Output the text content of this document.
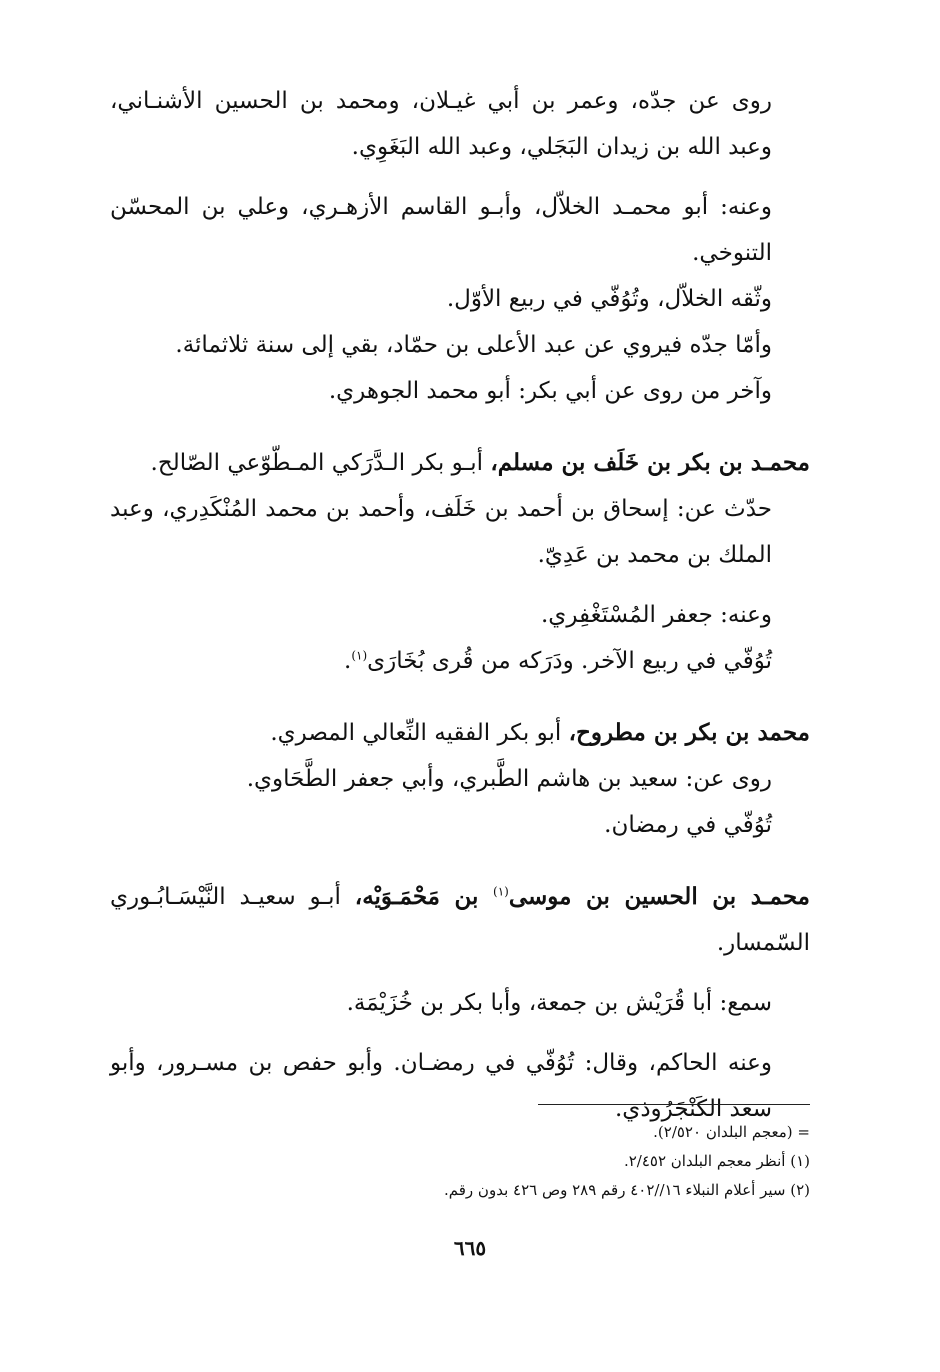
روى عن جدّه، وعمر بن أبي غيـلان، ومحمد بن الحسين الأشنـاني، وعبد الله بن زيدان البَجَلي، وعبد الله البَغَوِي.

وعنه: أبو محمـد الخلاّل، وأبـو القاسم الأزهـري، وعلي بن المحسّن التنوخي.

وثّقه الخلاّل، وتُوُفّي في ربيع الأوّل.

وأمّا جدّه فيروي عن عبد الأعلى بن حمّاد، بقي إلى سنة ثلاثمائة.

وآخر من روى عن أبي بكر: أبو محمد الجوهري.

محمـد بن بكر بن خَلَف بن مسلم، أبـو بكر الـدَّرَكي المـطّوّعي الصّالح.

حدّث عن: إسحاق بن أحمد بن خَلَف، وأحمد بن محمد المُنْكَدِري، وعبد الملك بن محمد بن عَدِيّ.

وعنه: جعفر المُسْتَغْفِري.

تُوُفّي في ربيع الآخر. ودَرَكه من قُرى بُخَارَى$^{(١)}$.

محمد بن بكر بن مطروح، أبو بكر الفقيه النِّعالي المصري.

روى عن: سعيد بن هاشم الطَّبري، وأبي جعفر الطَّحَاوي.

تُوُفّي في رمضان.

محمـد بن الحسين بن موسى$^{(١)}$ بن مَحْمَـوَيْه، أبـو سعيـد النَّيْسَـابُـوري السّمسار.

سمع: أبا قُرَيْش بن جمعة، وأبا بكر بن خُزَيْمَة.

وعنه الحاكم، وقال: تُوُفّي في رمضـان. وأبو حفص بن مسـرور، وأبو سعد الكَنْجَرُوذي.

= (معجم البلدان ٢/٥٢٠).

(١) أنظر معجم البلدان ٢/٤٥٢.

(٢) سير أعلام النبلاء ١٦//٤٠٢ رقم ٢٨٩ وص ٤٢٦ بدون رقم.

٦٦٥
